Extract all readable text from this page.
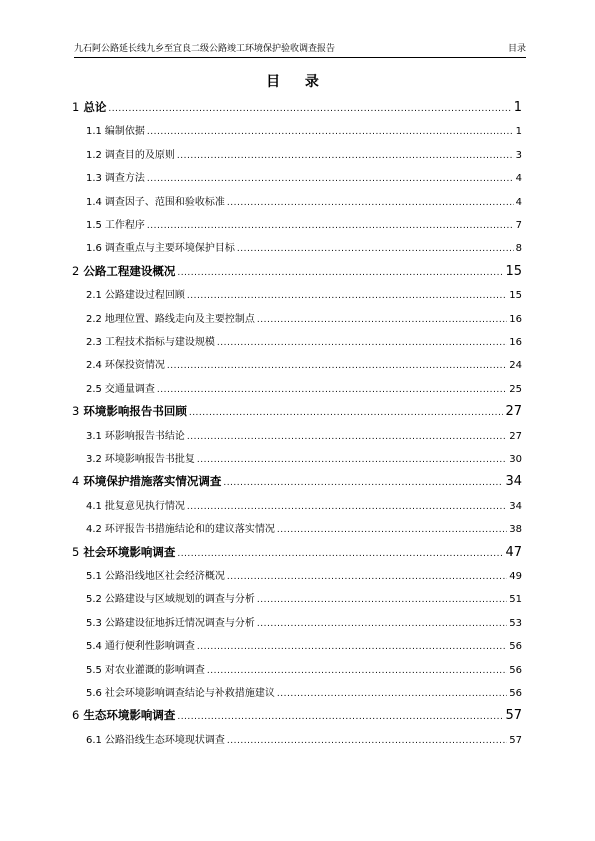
九石阿公路延长线九乡至宜良二级公路竣工环境保护验收调查报告	目录
目 录
1 总论 .....	1
1.1 编制依据 .....	1
1.2 调查目的及原则 .....	3
1.3 调查方法 .....	4
1.4 调查因子、范围和验收标准 .....	4
1.5 工作程序 .....	7
1.6 调查重点与主要环境保护目标 .....	8
2 公路工程建设概况 .....	15
2.1 公路建设过程回顾 .....	15
2.2 地理位置、路线走向及主要控制点 .....	16
2.3 工程技术指标与建设规模 .....	16
2.4 环保投资情况 .....	24
2.5 交通量调查 .....	25
3 环境影响报告书回顾 .....	27
3.1 环影响报告书结论 .....	27
3.2 环境影响报告书批复 .....	30
4 环境保护措施落实情况调查 .....	34
4.1 批复意见执行情况 .....	34
4.2 环评报告书措施结论和的建议落实情况 .....	38
5 社会环境影响调查 .....	47
5.1 公路沿线地区社会经济概况 .....	49
5.2 公路建设与区域规划的调查与分析 .....	51
5.3 公路建设征地拆迁情况调查与分析 .....	53
5.4 通行便利性影响调查 .....	56
5.5 对农业灌溉的影响调查 .....	56
5.6 社会环境影响调查结论与补救措施建议 .....	56
6 生态环境影响调查 .....	57
6.1 公路沿线生态环境现状调查 .....	57
